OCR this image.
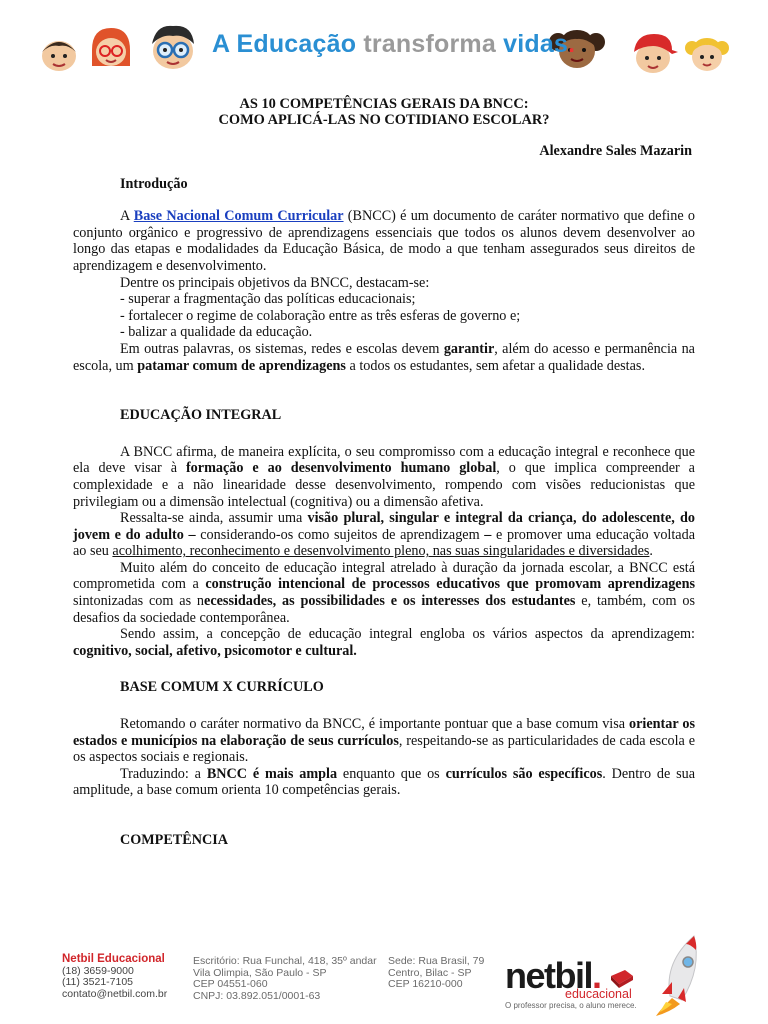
A Educação transforma vidas.
AS 10 COMPETÊNCIAS GERAIS DA BNCC:
COMO APLICÁ-LAS NO COTIDIANO ESCOLAR?
Alexandre Sales Mazarin
Introdução

A Base Nacional Comum Curricular (BNCC) é um documento de caráter normativo que define o conjunto orgânico e progressivo de aprendizagens essenciais que todos os alunos devem desenvolver ao longo das etapas e modalidades da Educação Básica, de modo a que tenham assegurados seus direitos de aprendizagem e desenvolvimento.

Dentre os principais objetivos da BNCC, destacam-se:

- superar a fragmentação das políticas educacionais;
- fortalecer o regime de colaboração entre as três esferas de governo e;
- balizar a qualidade da educação.

Em outras palavras, os sistemas, redes e escolas devem garantir, além do acesso e permanência na escola, um patamar comum de aprendizagens a todos os estudantes, sem afetar a qualidade destas.

EDUCAÇÃO INTEGRAL

A BNCC afirma, de maneira explícita, o seu compromisso com a educação integral e reconhece que ela deve visar à formação e ao desenvolvimento humano global, o que implica compreender a complexidade e a não linearidade desse desenvolvimento, rompendo com visões reducionistas que privilegiam ou a dimensão intelectual (cognitiva) ou a dimensão afetiva.

Ressalta-se ainda, assumir uma visão plural, singular e integral da criança, do adolescente, do jovem e do adulto – considerando-os como sujeitos de aprendizagem – e promover uma educação voltada ao seu acolhimento, reconhecimento e desenvolvimento pleno, nas suas singularidades e diversidades.

Muito além do conceito de educação integral atrelado à duração da jornada escolar, a BNCC está comprometida com a construção intencional de processos educativos que promovam aprendizagens sintonizadas com as necessidades, as possibilidades e os interesses dos estudantes e, também, com os desafios da sociedade contemporânea.

Sendo assim, a concepção de educação integral engloba os vários aspectos da aprendizagem: cognitivo, social, afetivo, psicomotor e cultural.

BASE COMUM X CURRÍCULO

Retomando o caráter normativo da BNCC, é importante pontuar que a base comum visa orientar os estados e municípios na elaboração de seus currículos, respeitando-se as particularidades de cada escola e os aspectos sociais e regionais.

Traduzindo: a BNCC é mais ampla enquanto que os currículos são específicos. Dentro de sua amplitude, a base comum orienta 10 competências gerais.

COMPETÊNCIA
Netbil Educacional
(18) 3659-9000
(11) 3521-7105
contato@netbil.com.br
Escritório: Rua Funchal, 418, 35º andar
Vila Olimpia, São Paulo - SP
CEP 04551-060
CNPJ: 03.892.051/0001-63
Sede: Rua Brasil, 79
Centro, Bilac - SP
CEP 16210-000	netbil.
educacional
O professor precisa, o aluno merece.
